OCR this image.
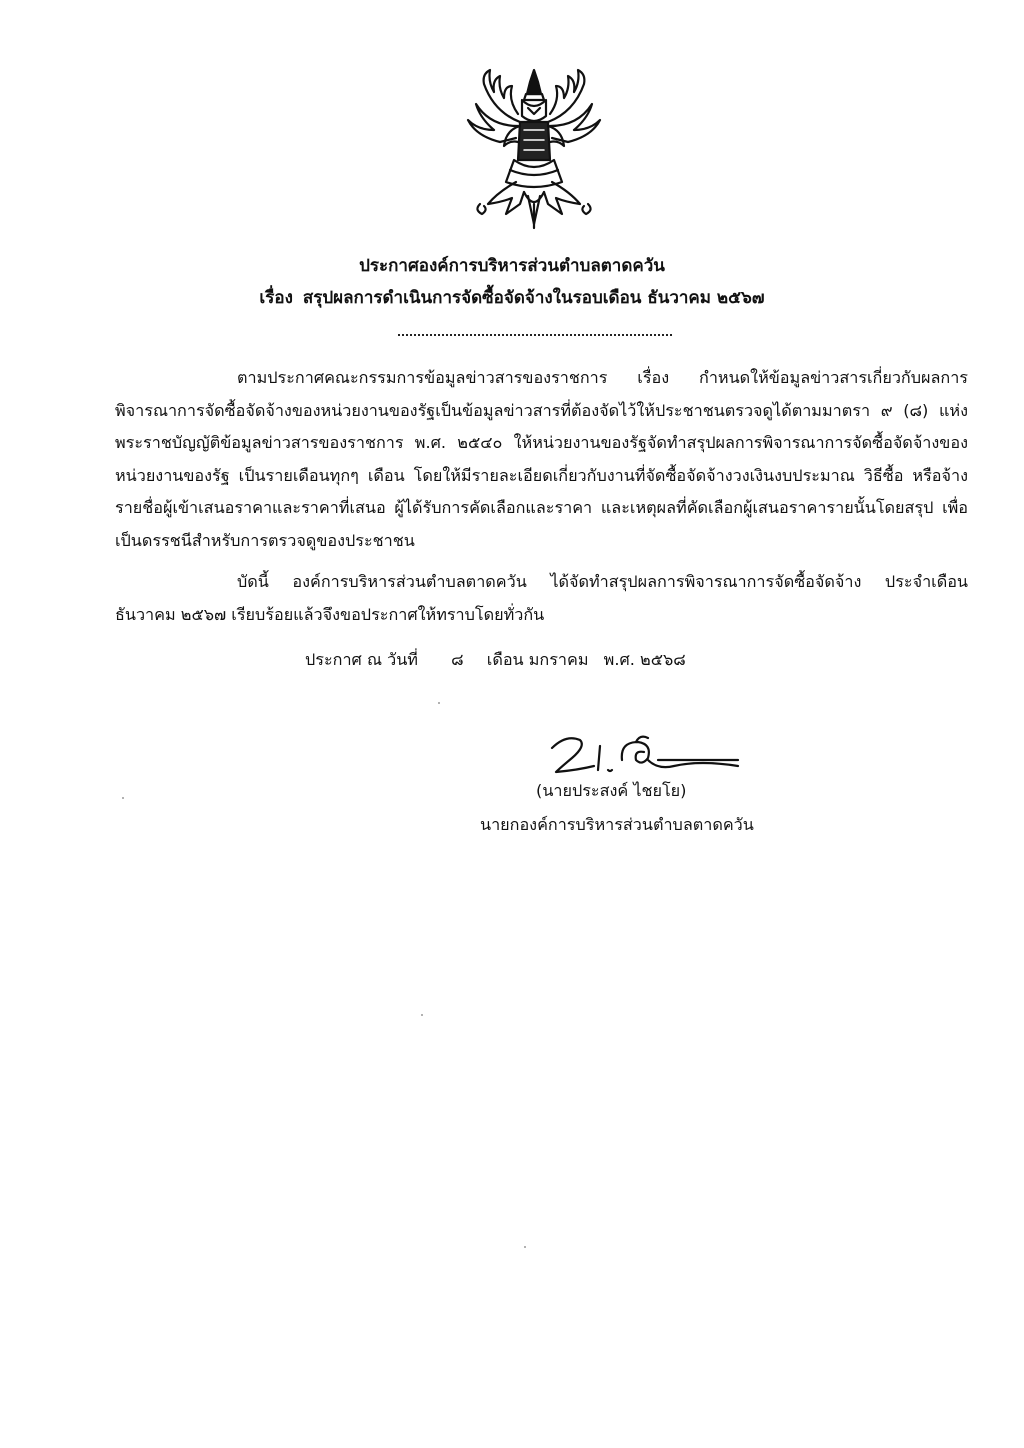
ประกาศองค์การบริหารส่วนตำบลตาดควัน
เรื่อง สรุปผลการดำเนินการจัดซื้อจัดจ้างในรอบเดือน ธันวาคม ๒๕๖๗

ตามประกาศคณะกรรมการข้อมูลข่าวสารของราชการ เรื่อง กำหนดให้ข้อมูลข่าวสารเกี่ยวกับผลการพิจารณาการจัดซื้อจัดจ้างของหน่วยงานของรัฐเป็นข้อมูลข่าวสารที่ต้องจัดไว้ให้ประชาชนตรวจดูได้ตามมาตรา ๙ (๘) แห่งพระราชบัญญัติข้อมูลข่าวสารของราชการ พ.ศ. ๒๕๔๐ ให้หน่วยงานของรัฐจัดทำสรุปผลการพิจารณาการจัดซื้อจัดจ้างของหน่วยงานของรัฐ เป็นรายเดือนทุกๆ เดือน โดยให้มีรายละเอียดเกี่ยวกับงานที่จัดซื้อจัดจ้างวงเงินงบประมาณ วิธีซื้อ หรือจ้างรายชื่อผู้เข้าเสนอราคาและราคาที่เสนอ ผู้ได้รับการคัดเลือกและราคา และเหตุผลที่คัดเลือกผู้เสนอราคารายนั้นโดยสรุป เพื่อเป็นดรรชนีสำหรับการตรวจดูของประชาชน

บัดนี้ องค์การบริหารส่วนตำบลตาดควัน ได้จัดทำสรุปผลการพิจารณาการจัดซื้อจัดจ้าง ประจำเดือนธันวาคม ๒๕๖๗ เรียบร้อยแล้วจึงขอประกาศให้ทราบโดยทั่วกัน

ประกาศ ณ วันที่ ๘ เดือน มกราคม พ.ศ. ๒๕๖๘
(นายประสงค์ ไชยโย)
นายกองค์การบริหารส่วนตำบลตาดควัน
